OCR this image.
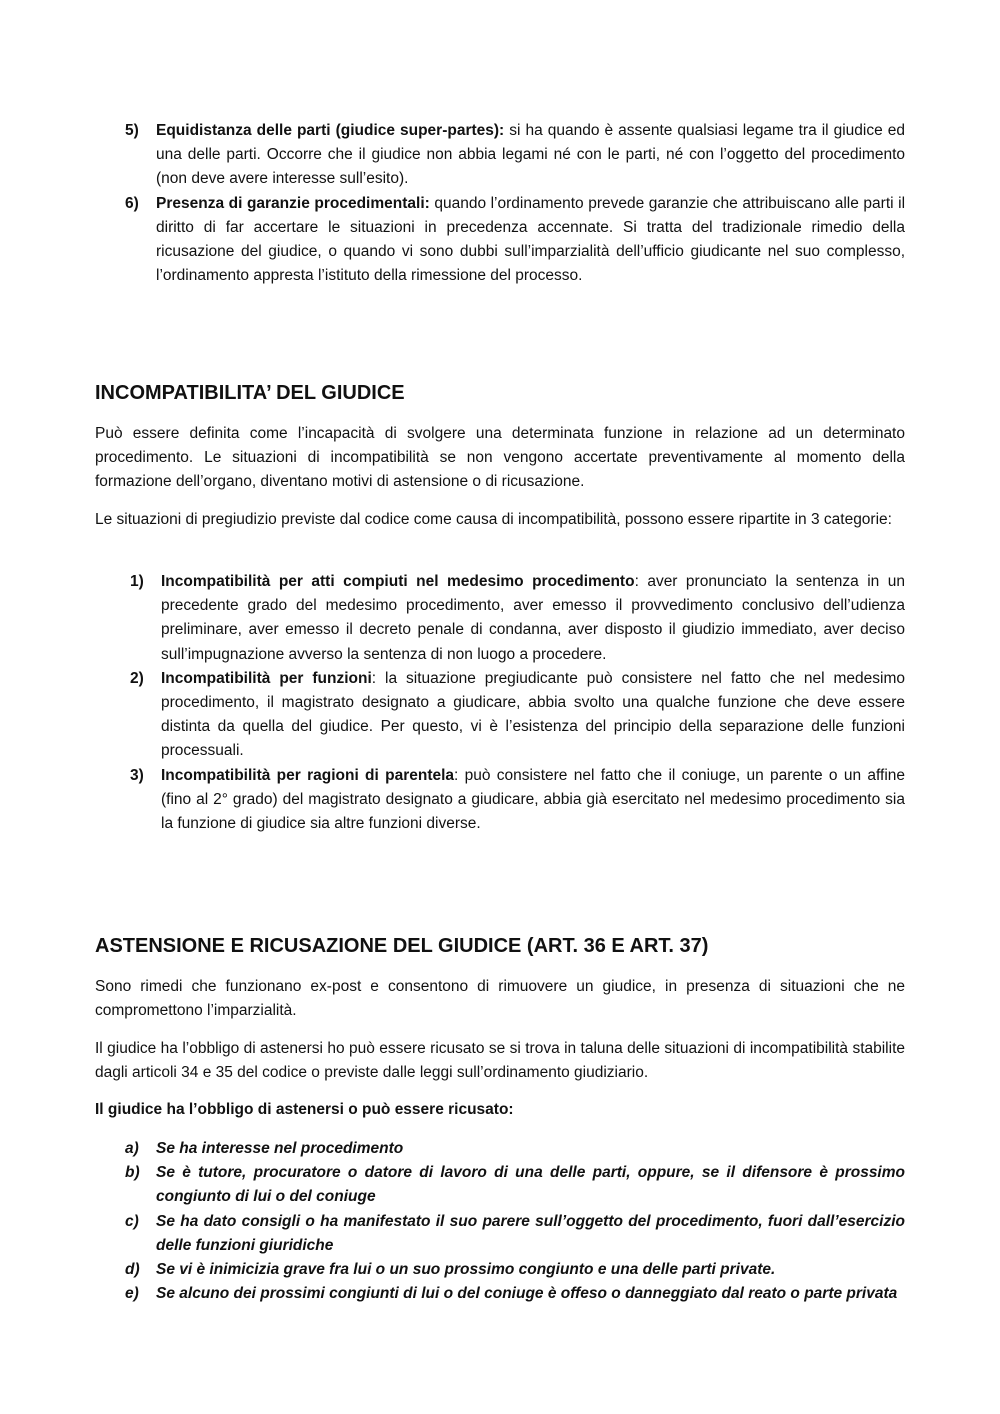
5) Equidistanza delle parti (giudice super-partes): si ha quando è assente qualsiasi legame tra il giudice ed una delle parti. Occorre che il giudice non abbia legami né con le parti, né con l’oggetto del procedimento (non deve avere interesse sull’esito).
6) Presenza di garanzie procedimentali: quando l’ordinamento prevede garanzie che attribuiscano alle parti il diritto di far accertare le situazioni in precedenza accennate. Si tratta del tradizionale rimedio della ricusazione del giudice, o quando vi sono dubbi sull’imparzialità dell’ufficio giudicante nel suo complesso, l’ordinamento appresta l’istituto della rimessione del processo.
INCOMPATIBILITA’ DEL GIUDICE

Può essere definita come l’incapacità di svolgere una determinata funzione in relazione ad un determinato procedimento. Le situazioni di incompatibilità se non vengono accertate preventivamente al momento della formazione dell’organo, diventano motivi di astensione o di ricusazione.

Le situazioni di pregiudizio previste dal codice come causa di incompatibilità, possono essere ripartite in 3 categorie:

1) Incompatibilità per atti compiuti nel medesimo procedimento: aver pronunciato la sentenza in un precedente grado del medesimo procedimento, aver emesso il provvedimento conclusivo dell’udienza preliminare, aver emesso il decreto penale di condanna, aver disposto il giudizio immediato, aver deciso sull’impugnazione avverso la sentenza di non luogo a procedere.
2) Incompatibilità per funzioni: la situazione pregiudicante può consistere nel fatto che nel medesimo procedimento, il magistrato designato a giudicare, abbia svolto una qualche funzione che deve essere distinta da quella del giudice. Per questo, vi è l’esistenza del principio della separazione delle funzioni processuali.
3) Incompatibilità per ragioni di parentela: può consistere nel fatto che il coniuge, un parente o un affine (fino al 2° grado) del magistrato designato a giudicare, abbia già esercitato nel medesimo procedimento sia la funzione di giudice sia altre funzioni diverse.
ASTENSIONE E RICUSAZIONE DEL GIUDICE (ART. 36 E ART. 37)

Sono rimedi che funzionano ex-post e consentono di rimuovere un giudice, in presenza di situazioni che ne compromettono l’imparzialità.

Il giudice ha l’obbligo di astenersi ho può essere ricusato se si trova in taluna delle situazioni di incompatibilità stabilite dagli articoli 34 e 35 del codice o previste dalle leggi sull’ordinamento giudiziario.

Il giudice ha l’obbligo di astenersi o può essere ricusato:

a) Se ha interesse nel procedimento
b) Se è tutore, procuratore o datore di lavoro di una delle parti, oppure, se il difensore è prossimo congiunto di lui o del coniuge
c) Se ha dato consigli o ha manifestato il suo parere sull’oggetto del procedimento, fuori dall’esercizio delle funzioni giuridiche
d) Se vi è inimicizia grave fra lui o un suo prossimo congiunto e una delle parti private.
e) Se alcuno dei prossimi congiunti di lui o del coniuge è offeso o danneggiato dal reato o parte privata
